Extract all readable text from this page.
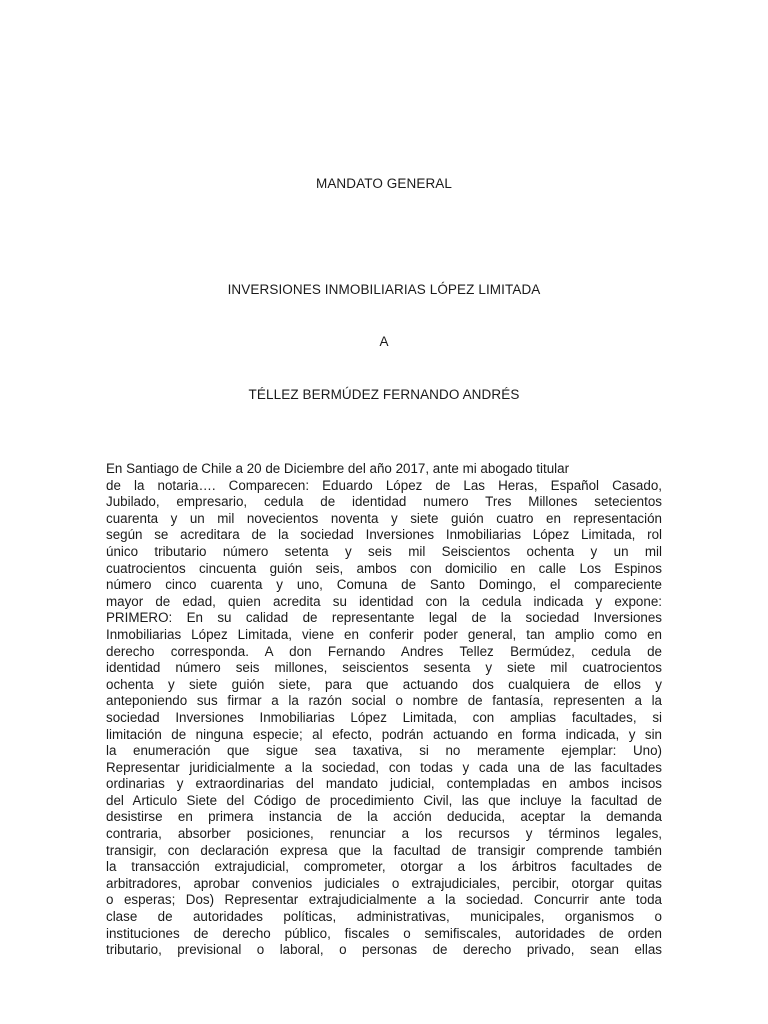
MANDATO GENERAL
INVERSIONES INMOBILIARIAS LÓPEZ LIMITADA
A
TÉLLEZ BERMÚDEZ FERNANDO ANDRÉS
En Santiago de Chile a 20 de Diciembre del año 2017, ante mi abogado titular
de la notaria…. Comparecen: Eduardo López de Las Heras, Español Casado,
Jubilado, empresario, cedula de identidad numero Tres Millones setecientos
cuarenta y un mil novecientos noventa y siete guión cuatro en representación
según se acreditara de la sociedad Inversiones Inmobiliarias López Limitada, rol
único tributario número setenta y seis mil Seiscientos ochenta y un mil
cuatrocientos cincuenta guión seis, ambos con domicilio en calle Los Espinos
número cinco cuarenta y uno, Comuna de Santo Domingo, el compareciente
mayor de edad, quien acredita su identidad con la cedula indicada y expone:
PRIMERO: En su calidad de representante legal de la sociedad Inversiones
Inmobiliarias López Limitada, viene en conferir poder general, tan amplio como en
derecho corresponda. A don Fernando Andres Tellez Bermúdez, cedula de
identidad número seis millones, seiscientos sesenta y siete mil cuatrocientos
ochenta y siete guión siete, para que actuando dos cualquiera de ellos y
anteponiendo sus firmar a la razón social o nombre de fantasía, representen a la
sociedad Inversiones Inmobiliarias López Limitada, con amplias facultades, si
limitación de ninguna especie; al efecto, podrán actuando en forma indicada, y sin
la enumeración que sigue sea taxativa, si no meramente ejemplar: Uno)
Representar juridicialmente a la sociedad, con todas y cada una de las facultades
ordinarias y extraordinarias del mandato judicial, contempladas en ambos incisos
del Articulo Siete del Código de procedimiento Civil, las que incluye la facultad de
desistirse en primera instancia de la acción deducida, aceptar la demanda
contraria, absorber posiciones, renunciar a los recursos y términos legales,
transigir, con declaración expresa que la facultad de transigir comprende también
la transacción extrajudicial, comprometer, otorgar a los árbitros facultades de
arbitradores, aprobar convenios judiciales o extrajudiciales, percibir, otorgar quitas
o esperas; Dos) Representar extrajudicialmente a la sociedad. Concurrir ante toda
clase de autoridades políticas, administrativas, municipales, organismos o
instituciones de derecho público, fiscales o semifiscales, autoridades de orden
tributario, previsional o laboral, o personas de derecho privado, sean ellas
